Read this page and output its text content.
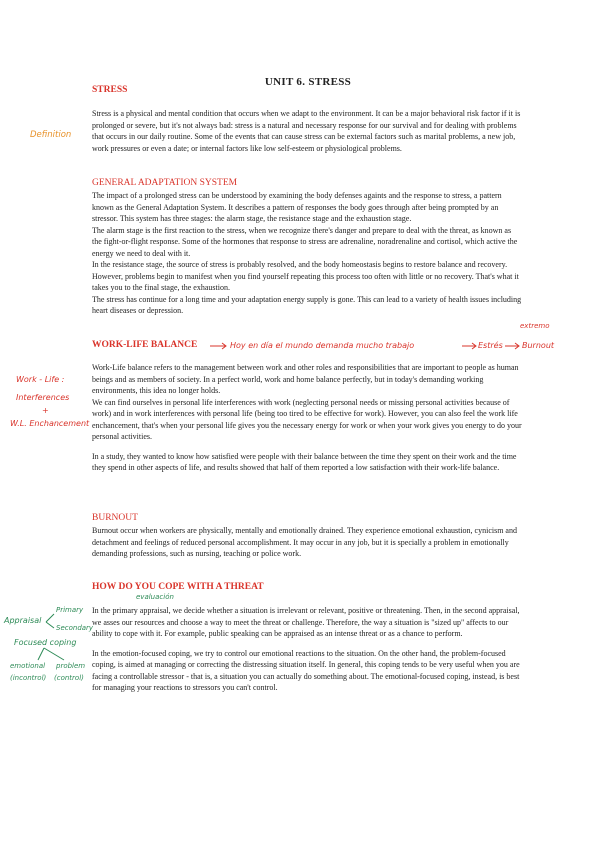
UNIT 6. STRESS
STRESS
Definition

Stress is a physical and mental condition that occurs when we adapt to the environment. It can be a major behavioral risk factor if it is prolonged or severe, but it's not always bad: stress is a natural and necessary response for our survival and for dealing with problems that occurs in our daily routine. Some of the events that can cause stress can be external factors such as marital problems, a new job, work pressures or even a date; or internal factors like low self-esteem or physiological problems.

GENERAL ADAPTATION SYSTEM

The impact of a prolonged stress can be understood by examining the body defenses againts and the response to stress, a pattern known as the General Adaptation System. It describes a pattern of responses the body goes through after being prompted by an stressor. This system has three stages: the alarm stage, the resistance stage and the exhaustion stage.

The alarm stage is the first reaction to the stress, when we recognize there's danger and prepare to deal with the threat, as known as the fight-or-flight response. Some of the hormones that response to stress are adrenaline, noradrenaline and cortisol, which active the energy we need to deal with it.

In the resistance stage, the source of stress is probably resolved, and the body homeostasis begins to restore balance and recovery. However, problems begin to manifest when you find yourself repeating this process too often with little or no recovery. That's what it takes you to the final stage, the exhaustion.

The stress has continue for a long time and your adaptation energy supply is gone. This can lead to a variety of health issues including heart diseases or depression.

WORK-LIFE BALANCE	Hoy en día el mundo demanda mucho trabajo	Estrés
extremo
Burnout
Work - Life :
Interferences
+
W.L. Enchancement

Work-Life balance refers to the management between work and other roles and responsibilities that are important to people as human beings and as members of society. In a perfect world, work and home balance perfectly, but in today's demanding working environments, this idea no longer holds.

We can find ourselves in personal life interferences with work (neglecting personal needs or missing personal activities because of work) and in work interferences with personal life (being too tired to be effective for work). However, you can also feel the work life enchancement, that's when your personal life gives you the necessary energy for work or when your work gives you energy to do your personal activities.

In a study, they wanted to know how satisfied were people with their balance between the time they spent on their work and the time they spend in other aspects of life, and results showed that half of them reported a low satisfaction with their work-life balance.

BURNOUT

Burnout occur when workers are physically, mentally and emotionally drained. They experience emotional exhaustion, cynicism and detachment and feelings of reduced personal accomplishment. It may occur in any job, but it is specially a problem in emotionally demanding professions, such as nursing, teaching or police work.

HOW DO YOU COPE WITH A THREAT
evaluación
Appraisal
Primary
Secondary
Focused coping
emotional
(incontrol)
problem
(control)

In the primary appraisal, we decide whether a situation is irrelevant or relevant, positive or threatening. Then, in the second appraisal, we asses our resources and choose a way to meet the threat or challenge. Therefore, the way a situation is "sized up" affects to our ability to cope with it. For example, public speaking can be appraised as an intense threat or as a chance to perform.

In the emotion-focused coping, we try to control our emotional reactions to the situation. On the other hand, the problem-focused coping, is aimed at managing or correcting the distressing situation itself. In general, this coping tends to be very useful when you are facing a controllable stressor - that is, a situation you can actually do something about. The emotional-focused coping, instead, is best for managing your reactions to stressors you can't control.
